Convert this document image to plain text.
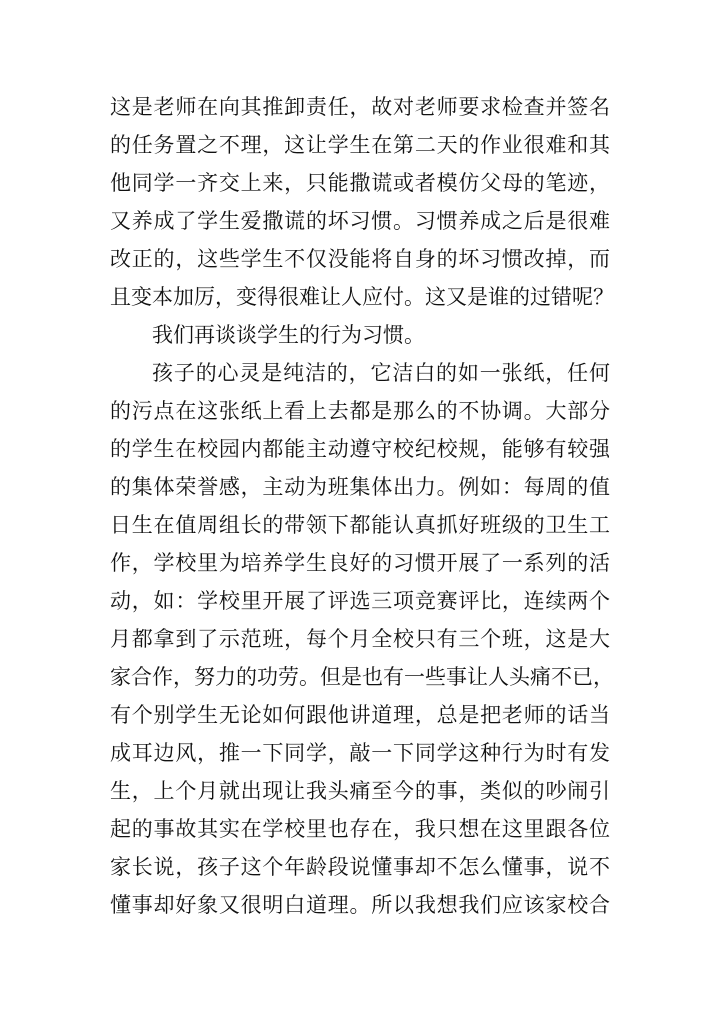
这是老师在向其推卸责任，故对老师要求检查并签名
的任务置之不理，这让学生在第二天的作业很难和其
他同学一齐交上来，只能撒谎或者模仿父母的笔迹，
又养成了学生爱撒谎的坏习惯。习惯养成之后是很难
改正的，这些学生不仅没能将自身的坏习惯改掉，而
且变本加厉，变得很难让人应付。这又是谁的过错呢？
我们再谈谈学生的行为习惯。
孩子的心灵是纯洁的，它洁白的如一张纸，任何
的污点在这张纸上看上去都是那么的不协调。大部分
的学生在校园内都能主动遵守校纪校规，能够有较强
的集体荣誉感，主动为班集体出力。例如：每周的值
日生在值周组长的带领下都能认真抓好班级的卫生工
作，学校里为培养学生良好的习惯开展了一系列的活
动，如：学校里开展了评选三项竞赛评比，连续两个
月都拿到了示范班，每个月全校只有三个班，这是大
家合作，努力的功劳。但是也有一些事让人头痛不已，
有个别学生无论如何跟他讲道理，总是把老师的话当
成耳边风，推一下同学，敲一下同学这种行为时有发
生，上个月就出现让我头痛至今的事，类似的吵闹引
起的事故其实在学校里也存在，我只想在这里跟各位
家长说，孩子这个年龄段说懂事却不怎么懂事，说不
懂事却好象又很明白道理。所以我想我们应该家校合
